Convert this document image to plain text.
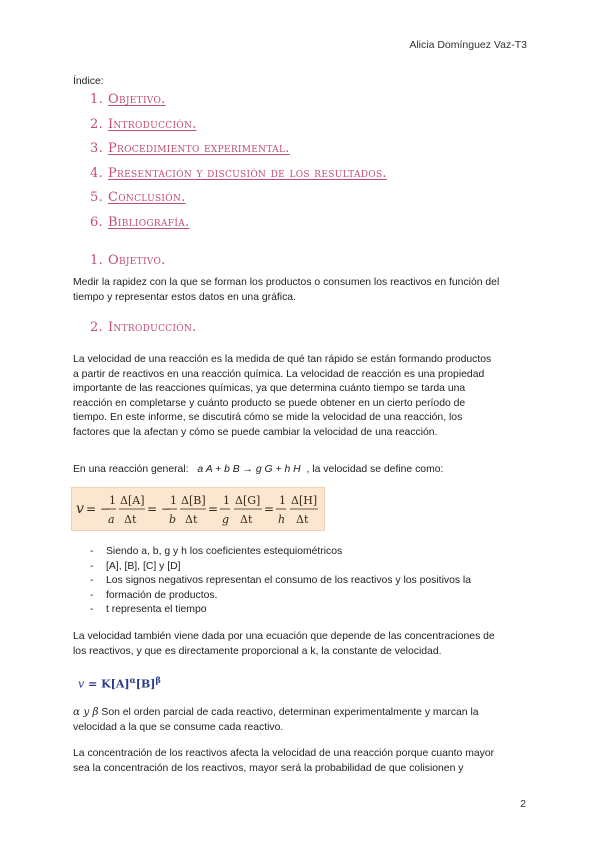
Alicia Domínguez Vaz-T3
Índice:
1. Objetivo.
2. Introducción.
3. Procedimiento experimental.
4. Presentación y discusión de los resultados.
5. Conclusión.
6. Bibliografía.
1. Objetivo.
Medir la rapidez con la que se forman los productos o consumen los reactivos en función del
tiempo y representar estos datos en una gráfica.
2. Introducción.
La velocidad de una reacción es la medida de qué tan rápido se están formando productos
a partir de reactivos en una reacción química. La velocidad de reacción es una propiedad
importante de las reacciones químicas, ya que determina cuánto tiempo se tarda una
reacción en completarse y cuánto producto se puede obtener en un cierto período de
tiempo. En este informe, se discutirá cómo se mide la velocidad de una reacción, los
factores que la afectan y cómo se puede cambiar la velocidad de una reacción.
En una reacción general: a A + b B → g G + h H , la velocidad se define como:
v = −
1
a
Δ[A]
Δt
= −
1
b
Δ[B]
Δt
=
1
g
Δ[G]
Δt
=
1
h
Δ[H]
Δt
- Siendo a, b, g y h los coeficientes estequiométricos
- [A], [B], [C] y [D]
- Los signos negativos representan el consumo de los reactivos y los positivos la
- formación de productos.
- t representa el tiempo
La velocidad también viene dada por una ecuación que depende de las concentraciones de
los reactivos, y que es directamente proporcional a k, la constante de velocidad.
$v = K[A]^\alpha[B]^\beta$
α y β Son el orden parcial de cada reactivo, determinan experimentalmente y marcan la
velocidad a la que se consume cada reactivo.
La concentración de los reactivos afecta la velocidad de una reacción porque cuanto mayor
sea la concentración de los reactivos, mayor será la probabilidad de que colisionen y
2
